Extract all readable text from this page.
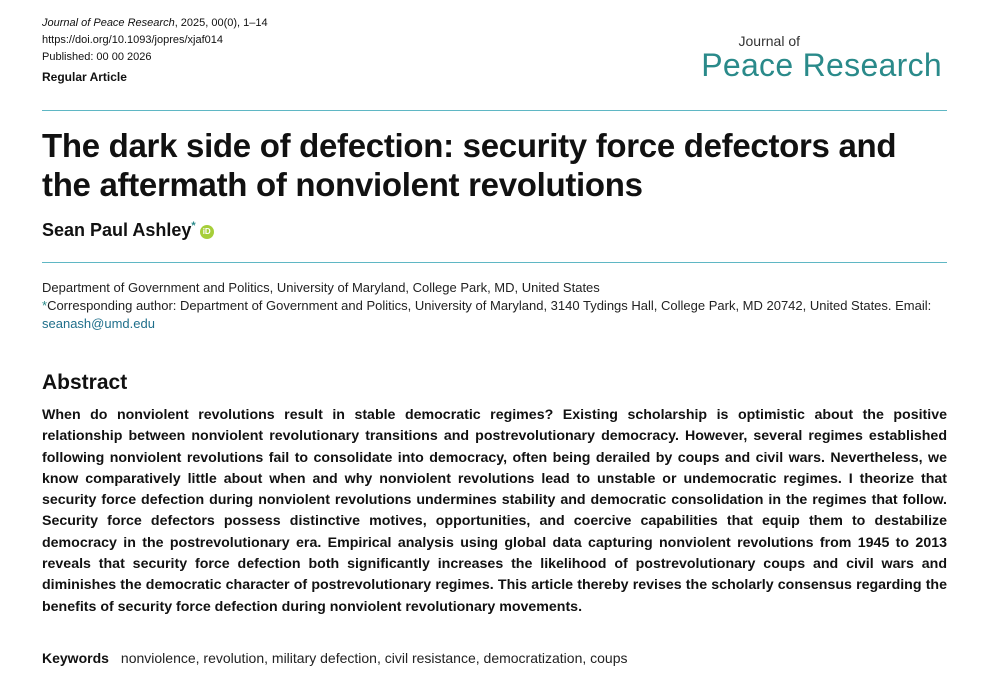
Journal of Peace Research, 2025, 00(0), 1–14
https://doi.org/10.1093/jopres/xjaf014
Published: 00 00 2026
Regular Article
Journal of
Peace Research
The dark side of defection: security force defectors and the aftermath of nonviolent revolutions
Sean Paul Ashley* iD
Department of Government and Politics, University of Maryland, College Park, MD, United States
*Corresponding author: Department of Government and Politics, University of Maryland, 3140 Tydings Hall, College Park, MD 20742, United States. Email:
seanash@umd.edu
Abstract

When do nonviolent revolutions result in stable democratic regimes? Existing scholarship is optimistic about the positive relationship between nonviolent revolutionary transitions and postrevolutionary democracy. However, several regimes established following nonviolent revolutions fail to consolidate into democracy, often being derailed by coups and civil wars. Nevertheless, we know comparatively little about when and why nonviolent revolutions lead to unstable or undemocratic regimes. I theorize that security force defection during nonviolent revolutions undermines stability and democratic consolidation in the regimes that follow. Security force defectors possess distinctive motives, opportunities, and coercive capabilities that equip them to destabilize democracy in the postrevolutionary era. Empirical analysis using global data capturing nonviolent revolutions from 1945 to 2013 reveals that security force defection both significantly increases the likelihood of postrevolutionary coups and civil wars and diminishes the democratic character of postrevolutionary regimes. This article thereby revises the scholarly consensus regarding the benefits of security force defection during nonviolent revolutionary movements.

Keywords nonviolence, revolution, military defection, civil resistance, democratization, coups
